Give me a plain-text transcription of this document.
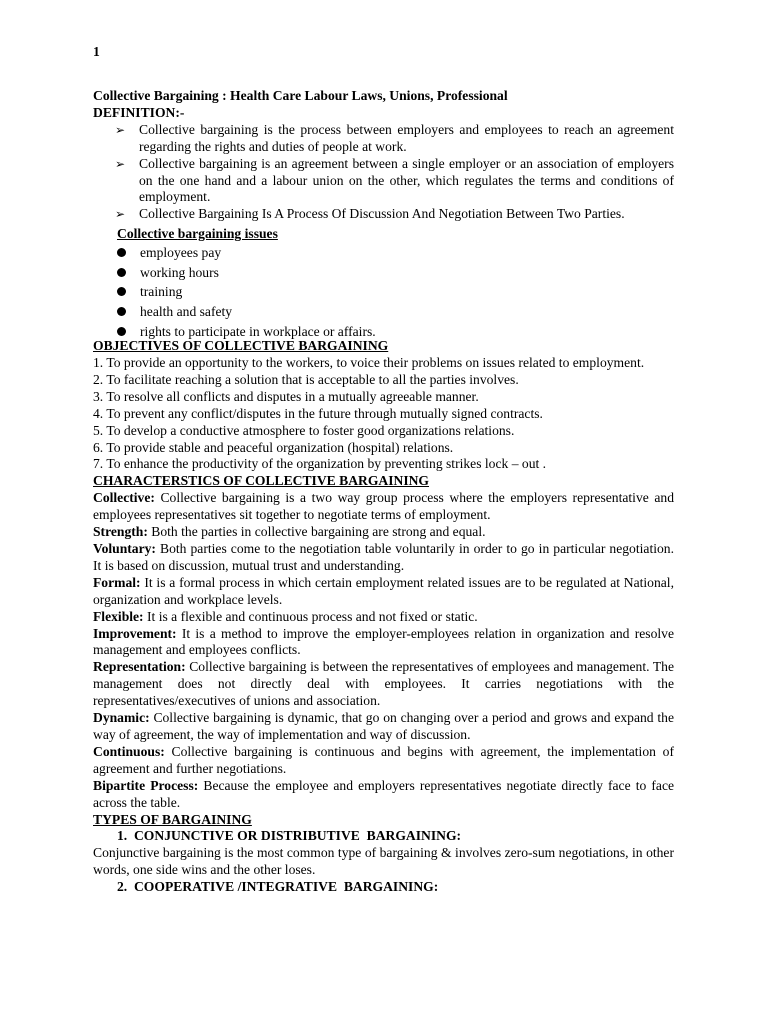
1
Collective Bargaining : Health Care Labour Laws, Unions, Professional
DEFINITION:-
➢ Collective bargaining is the process between employers and employees to reach an agreement regarding the rights and duties of people at work.
➢ Collective bargaining is an agreement between a single employer or an association of employers on the one hand and a labour union on the other, which regulates the terms and conditions of employment.
➢ Collective Bargaining Is A Process Of Discussion And Negotiation Between Two Parties.
Collective bargaining issues
employees pay
working hours
training
health and safety
rights to participate in workplace or affairs.
OBJECTIVES OF COLLECTIVE BARGAINING
1. To provide an opportunity to the workers, to voice their problems on issues related to employment.
2. To facilitate reaching a solution that is acceptable to all the parties involves.
3. To resolve all conflicts and disputes in a mutually agreeable manner.
4. To prevent any conflict/disputes in the future through mutually signed contracts.
5. To develop a conductive atmosphere to foster good organizations relations.
6. To provide stable and peaceful organization (hospital) relations.
7. To enhance the productivity of the organization by preventing strikes lock – out .
CHARACTERSTICS OF COLLECTIVE BARGAINING
Collective: Collective bargaining is a two way group process where the employers representative and employees representatives sit together to negotiate terms of employment.
Strength: Both the parties in collective bargaining are strong and equal.
Voluntary: Both parties come to the negotiation table voluntarily in order to go in particular negotiation. It is based on discussion, mutual trust and understanding.
Formal: It is a formal process in which certain employment related issues are to be regulated at National, organization and workplace levels.
Flexible: It is a flexible and continuous process and not fixed or static.
Improvement: It is a method to improve the employer-employees relation in organization and resolve management and employees conflicts.
Representation: Collective bargaining is between the representatives of employees and management. The management does not directly deal with employees. It carries negotiations with the representatives/executives of unions and association.
Dynamic: Collective bargaining is dynamic, that go on changing over a period and grows and expand the way of agreement, the way of implementation and way of discussion.
Continuous: Collective bargaining is continuous and begins with agreement, the implementation of agreement and further negotiations.
Bipartite Process: Because the employee and employers representatives negotiate directly face to face across the table.
TYPES OF BARGAINING
1.  CONJUNCTIVE OR DISTRIBUTIVE  BARGAINING:
Conjunctive bargaining is the most common type of bargaining & involves zero-sum negotiations, in other words, one side wins and the other loses.
2.  COOPERATIVE /INTEGRATIVE  BARGAINING:
